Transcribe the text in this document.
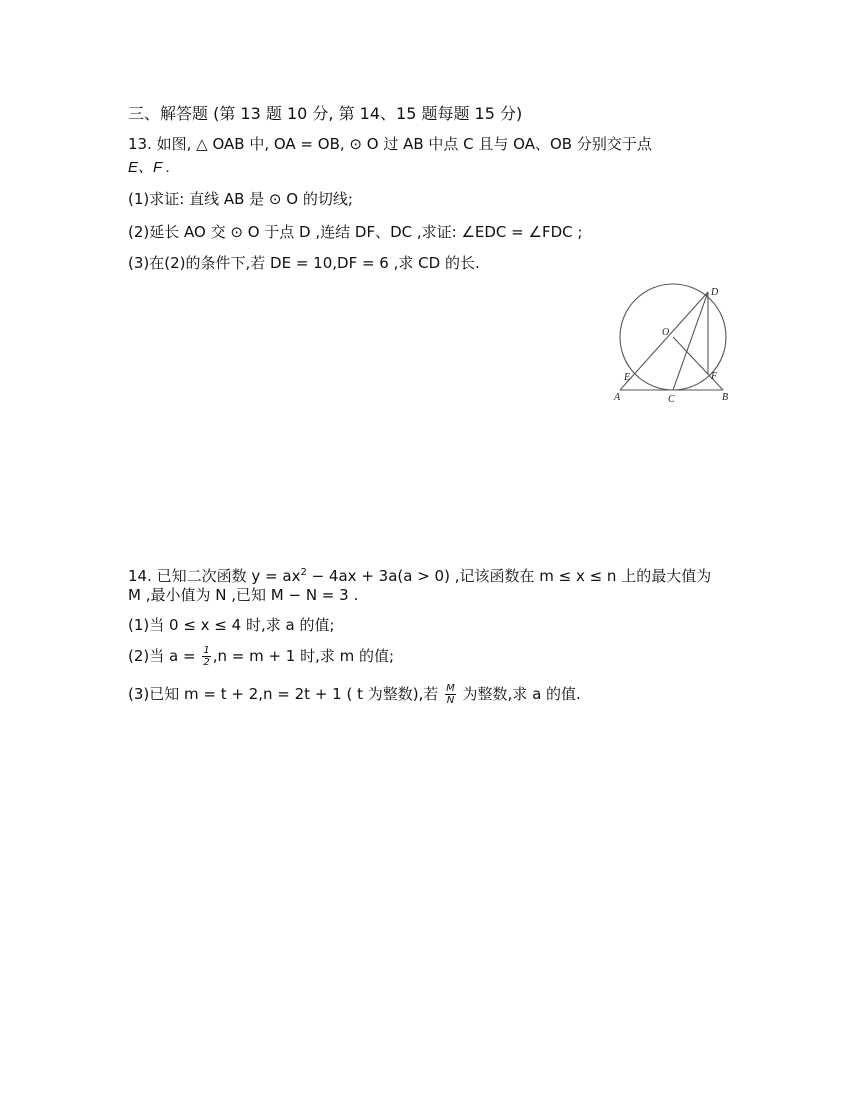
三、解答题 (第 13 题 10 分, 第 14、15 题每题 15 分)
13. 如图, △ OAB 中, OA = OB, ⊙ O 过 AB 中点 C 且与 OA、OB 分别交于点
E、F .
(1)求证: 直线 AB 是 ⊙ O 的切线;
(2)延长 AO 交 ⊙ O 于点 D ,连结 DF、DC ,求证: ∠EDC = ∠FDC ;
(3)在(2)的条件下,若 DE = 10,DF = 6 ,求 CD 的长.
D
O
E	F
A	C	B
14. 已知二次函数 $y = ax^2 - 4ax + 3a(a > 0)$ ,记该函数在 m ≤ x ≤ n 上的最大值为
M ,最小值为 N ,已知 M − N = 3 .
(1)当 0 ≤ x ≤ 4 时,求 a 的值;
(2)当 $a = \frac{1}{2} ,n = m + 1$ 时,求 m 的值;
(3)已知 m = t + 2,n = 2t + 1 ( t 为整数),若 $\frac{M}{N}$ 为整数,求 a 的值.
